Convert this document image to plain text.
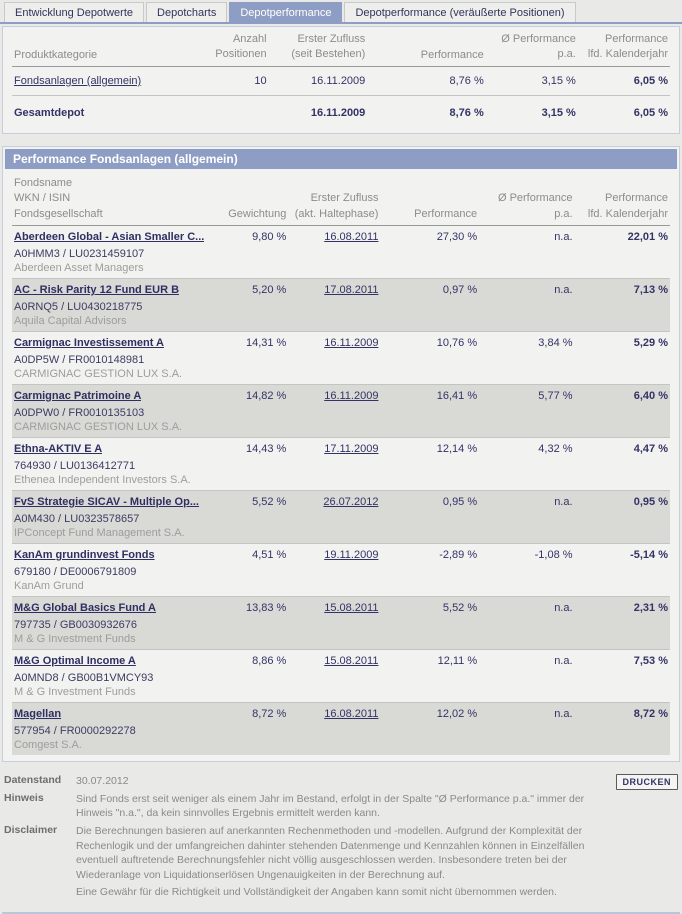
Entwicklung Depotwerte	Depotcharts	Depotperformance	Depotperformance (veräußerte Positionen)
Produktkategorie	
Anzahl
Positionen

Erster Zufluss
(seit Bestehen)	Performance	
Ø Performance
p.a.

Performance
lfd. Kalenderjahr

Fondsanlagen (allgemein)	10	16.11.2009	8,76 %	3,15 %	6,05 %
Gesamtdepot		16.11.2009	8,76 %	3,15 %	6,05 %
Performance Fondsanlagen (allgemein)
Fondsname
WKN / ISIN
Fondsgesellschaft	Gewichtung	
Erster Zufluss
(akt. Haltephase)	Performance	
Ø Performance
p.a.

Performance
lfd. Kalenderjahr

Aberdeen Global - Asian Smaller C...
A0HMM3 / LU0231459107
Aberdeen Asset Managers	9,80 %	16.08.2011	27,30 %	n.a.	22,01 %
AC - Risk Parity 12 Fund EUR B
A0RNQ5 / LU0430218775
Aquila Capital Advisors	5,20 %	17.08.2011	0,97 %	n.a.	7,13 %
Carmignac Investissement A
A0DP5W / FR0010148981
CARMIGNAC GESTION LUX S.A.	14,31 %	16.11.2009	10,76 %	3,84 %	5,29 %
Carmignac Patrimoine A
A0DPW0 / FR0010135103
CARMIGNAC GESTION LUX S.A.	14,82 %	16.11.2009	16,41 %	5,77 %	6,40 %
Ethna-AKTIV E A
764930 / LU0136412771
Ethenea Independent Investors S.A.	14,43 %	17.11.2009	12,14 %	4,32 %	4,47 %
FvS Strategie SICAV - Multiple Op...
A0M430 / LU0323578657
IPConcept Fund Management S.A.	5,52 %	26.07.2012	0,95 %	n.a.	0,95 %
KanAm grundinvest Fonds
679180 / DE0006791809
KanAm Grund	4,51 %	19.11.2009	-2,89 %	-1,08 %	-5,14 %
M&G Global Basics Fund A
797735 / GB0030932676
M & G Investment Funds	13,83 %	15.08.2011	5,52 %	n.a.	2,31 %
M&G Optimal Income A
A0MND8 / GB00B1VMCY93
M & G Investment Funds	8,86 %	15.08.2011	12,11 %	n.a.	7,53 %
Magellan
577954 / FR0000292278
Comgest S.A.	8,72 %	16.08.2011	12,02 %	n.a.	8,72 %
DRUCKEN
Datenstand	30.07.2012
Hinweis	Sind Fonds erst seit weniger als einem Jahr im Bestand, erfolgt in der Spalte "Ø Performance p.a." immer der Hinweis "n.a.", da kein sinnvolles Ergebnis ermittelt werden kann.
Disclaimer	Die Berechnungen basieren auf anerkannten Rechenmethoden und -modellen. Aufgrund der Komplexität der Rechenlogik und der umfangreichen dahinter stehenden Datenmenge und Kennzahlen können in Einzelfällen eventuell auftretende Berechnungsfehler nicht völlig ausgeschlossen werden. Insbesondere treten bei der Wiederanlage von Liquidationserlösen Ungenauigkeiten in der Berechnung auf.

Eine Gewähr für die Richtigkeit und Vollständigkeit der Angaben kann somit nicht übernommen werden.
